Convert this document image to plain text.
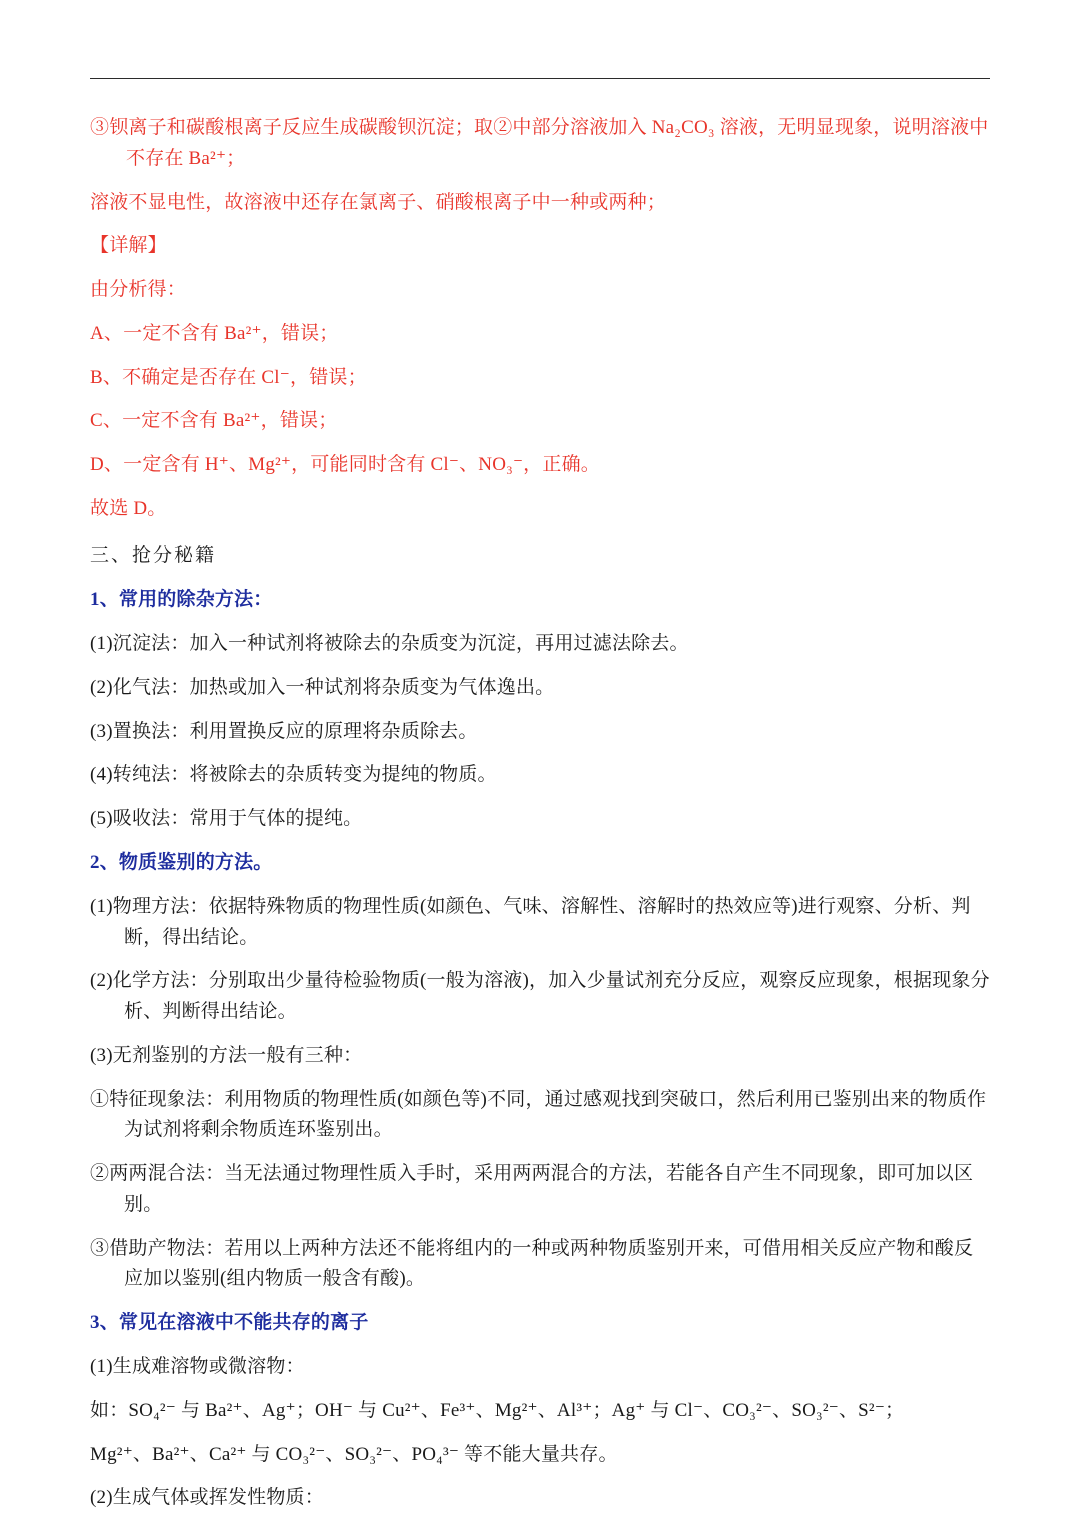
③钡离子和碳酸根离子反应生成碳酸钡沉淀；取②中部分溶液加入 Na₂CO₃ 溶液，无明显现象，说明溶液中不存在 Ba²⁺；

溶液不显电性，故溶液中还存在氯离子、硝酸根离子中一种或两种；

【详解】

由分析得：

A、一定不含有 Ba²⁺，错误；

B、不确定是否存在 Cl⁻，错误；

C、一定不含有 Ba²⁺，错误；

D、一定含有 H⁺、Mg²⁺，可能同时含有 Cl⁻、NO₃⁻，正确。

故选 D。

三、抢分秘籍

1、常用的除杂方法：

(1)沉淀法：加入一种试剂将被除去的杂质变为沉淀，再用过滤法除去。

(2)化气法：加热或加入一种试剂将杂质变为气体逸出。

(3)置换法：利用置换反应的原理将杂质除去。

(4)转纯法：将被除去的杂质转变为提纯的物质。

(5)吸收法：常用于气体的提纯。

2、物质鉴别的方法。

(1)物理方法：依据特殊物质的物理性质(如颜色、气味、溶解性、溶解时的热效应等)进行观察、分析、判断，得出结论。

(2)化学方法：分别取出少量待检验物质(一般为溶液)，加入少量试剂充分反应，观察反应现象，根据现象分析、判断得出结论。

(3)无剂鉴别的方法一般有三种：

①特征现象法：利用物质的物理性质(如颜色等)不同，通过感观找到突破口，然后利用已鉴别出来的物质作为试剂将剩余物质连环鉴别出。

②两两混合法：当无法通过物理性质入手时，采用两两混合的方法，若能各自产生不同现象，即可加以区别。

③借助产物法：若用以上两种方法还不能将组内的一种或两种物质鉴别开来，可借用相关反应产物和酸反应加以鉴别(组内物质一般含有酸)。

3、常见在溶液中不能共存的离子

(1)生成难溶物或微溶物：

如：SO₄²⁻ 与 Ba²⁺、Ag⁺；OH⁻ 与 Cu²⁺、Fe³⁺、Mg²⁺、Al³⁺；Ag⁺ 与 Cl⁻、CO₃²⁻、SO₃²⁻、S²⁻；

Mg²⁺、Ba²⁺、Ca²⁺ 与 CO₃²⁻、SO₃²⁻、PO₄³⁻ 等不能大量共存。

(2)生成气体或挥发性物质：
